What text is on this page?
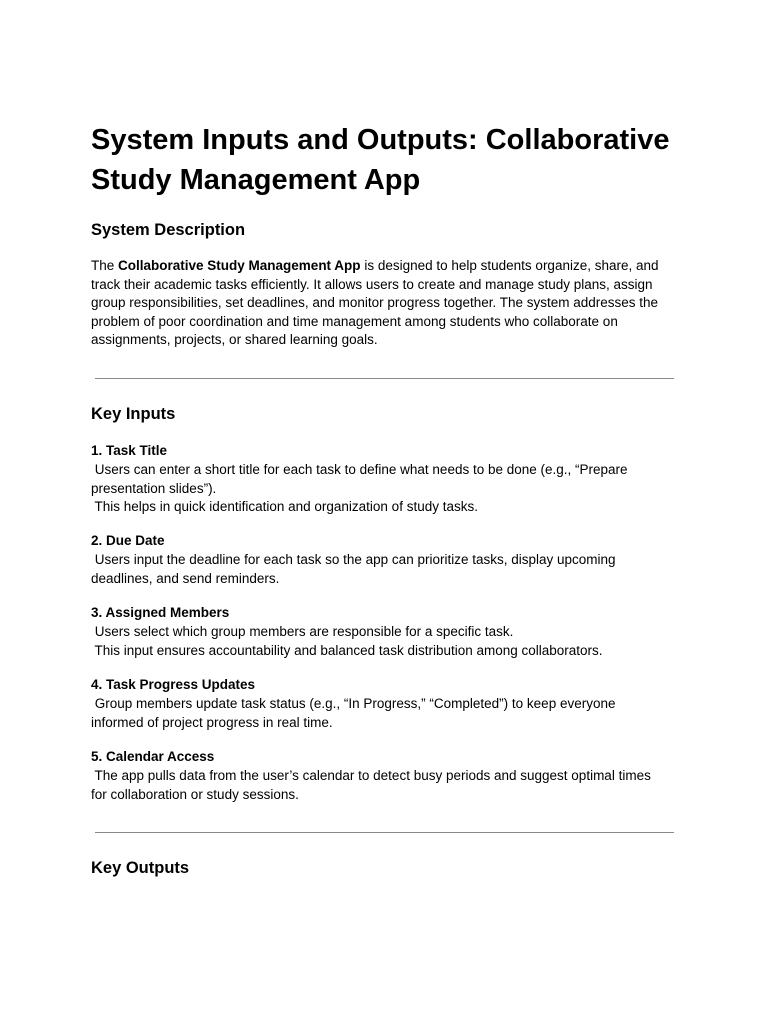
System Inputs and Outputs: Collaborative
Study Management App
System Description
The Collaborative Study Management App is designed to help students organize, share, and
track their academic tasks efficiently. It allows users to create and manage study plans, assign
group responsibilities, set deadlines, and monitor progress together. The system addresses the
problem of poor coordination and time management among students who collaborate on
assignments, projects, or shared learning goals.
Key Inputs
1. Task Title
Users can enter a short title for each task to define what needs to be done (e.g., “Prepare
presentation slides”).
This helps in quick identification and organization of study tasks.
2. Due Date
Users input the deadline for each task so the app can prioritize tasks, display upcoming
deadlines, and send reminders.
3. Assigned Members
Users select which group members are responsible for a specific task.
This input ensures accountability and balanced task distribution among collaborators.
4. Task Progress Updates
Group members update task status (e.g., “In Progress,” “Completed”) to keep everyone
informed of project progress in real time.
5. Calendar Access
The app pulls data from the user’s calendar to detect busy periods and suggest optimal times
for collaboration or study sessions.
Key Outputs
